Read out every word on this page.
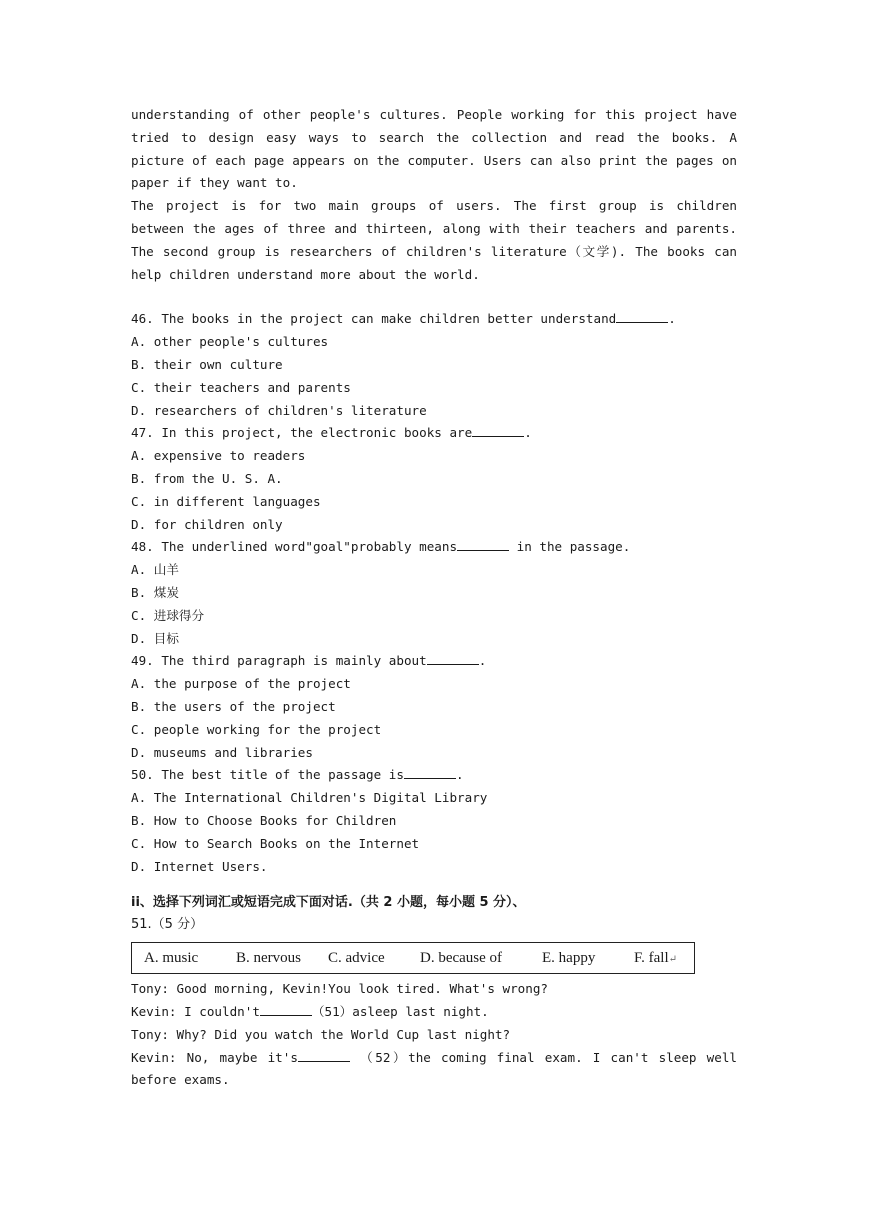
understanding of other people's cultures. People working for this project have tried to design easy ways to search the collection and read the books. A picture of each page appears on the computer. Users can also print the pages on paper if they want to.

The project is for two main groups of users. The first group is children between the ages of three and thirteen, along with their teachers and parents. The second group is researchers of children's literature（文学). The books can help children understand more about the world.

46. The books in the project can make children better understand	.

A. other people's cultures

B. their own culture

C. their teachers and parents

D. researchers of children's literature

47. In this project, the electronic books are	.

A. expensive to readers

B. from the U. S. A.

C. in different languages

D. for children only

48. The underlined word"goal"probably means	in the passage.

A. 山羊

B. 煤炭

C. 进球得分

D. 目标

49. The third paragraph is mainly about	.

A. the purpose of the project

B. the users of the project

C. people working for the project

D. museums and libraries

50. The best title of the passage is	.

A. The International Children's Digital Library

B. How to Choose Books for Children

C. How to Search Books on the Internet

D. Internet Users.

ii、选择下列词汇或短语完成下面对话.（共 2 小题，每小题 5 分）、
51.（5 分）
A. music	B. nervous	C. advice	D. because of	E. happy	F. fall↵

Tony: Good morning, Kevin!You look tired. What's wrong?

Kevin: I couldn't	（51）asleep last night.

Tony: Why? Did you watch the World Cup last night?

Kevin: No, maybe it's	（52）the coming final exam. I can't sleep well before exams.
